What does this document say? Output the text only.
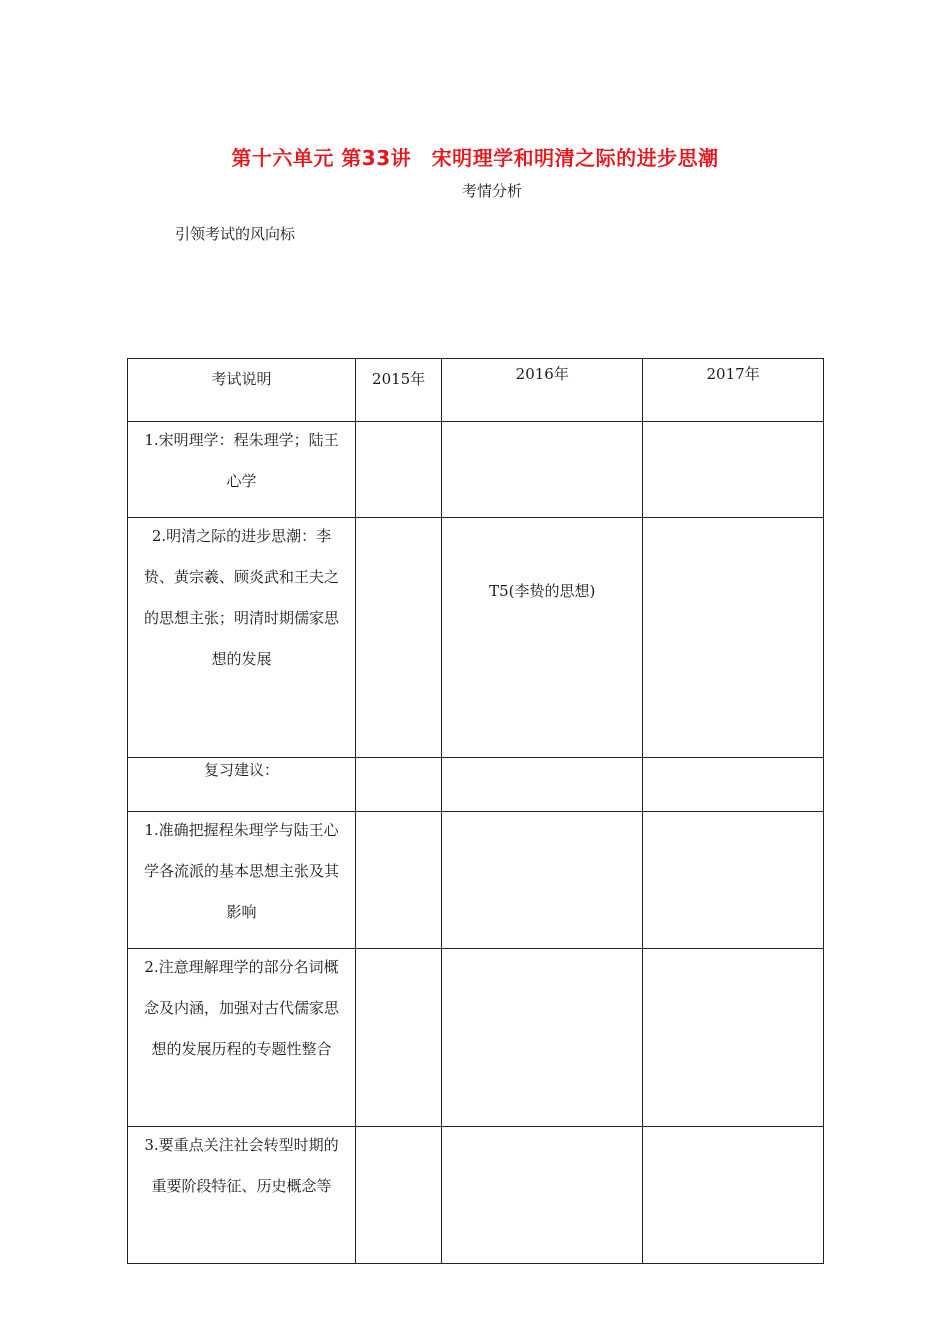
第十六单元 第33讲　宋明理学和明清之际的进步思潮
考情分析
引领考试的风向标
考试说明	2015年	2016年	2017年

1.宋明理学：程朱理学；陆王心学			

2.明清之际的进步思潮：李贽、黄宗羲、顾炎武和王夫之的思想主张；明清时期儒家思想的发展		T5(李贽的思想)	

复习建议：			

1.准确把握程朱理学与陆王心学各流派的基本思想主张及其影响			

2.注意理解理学的部分名词概念及内涵，加强对古代儒家思想的发展历程的专题性整合			

3.要重点关注社会转型时期的重要阶段特征、历史概念等			
